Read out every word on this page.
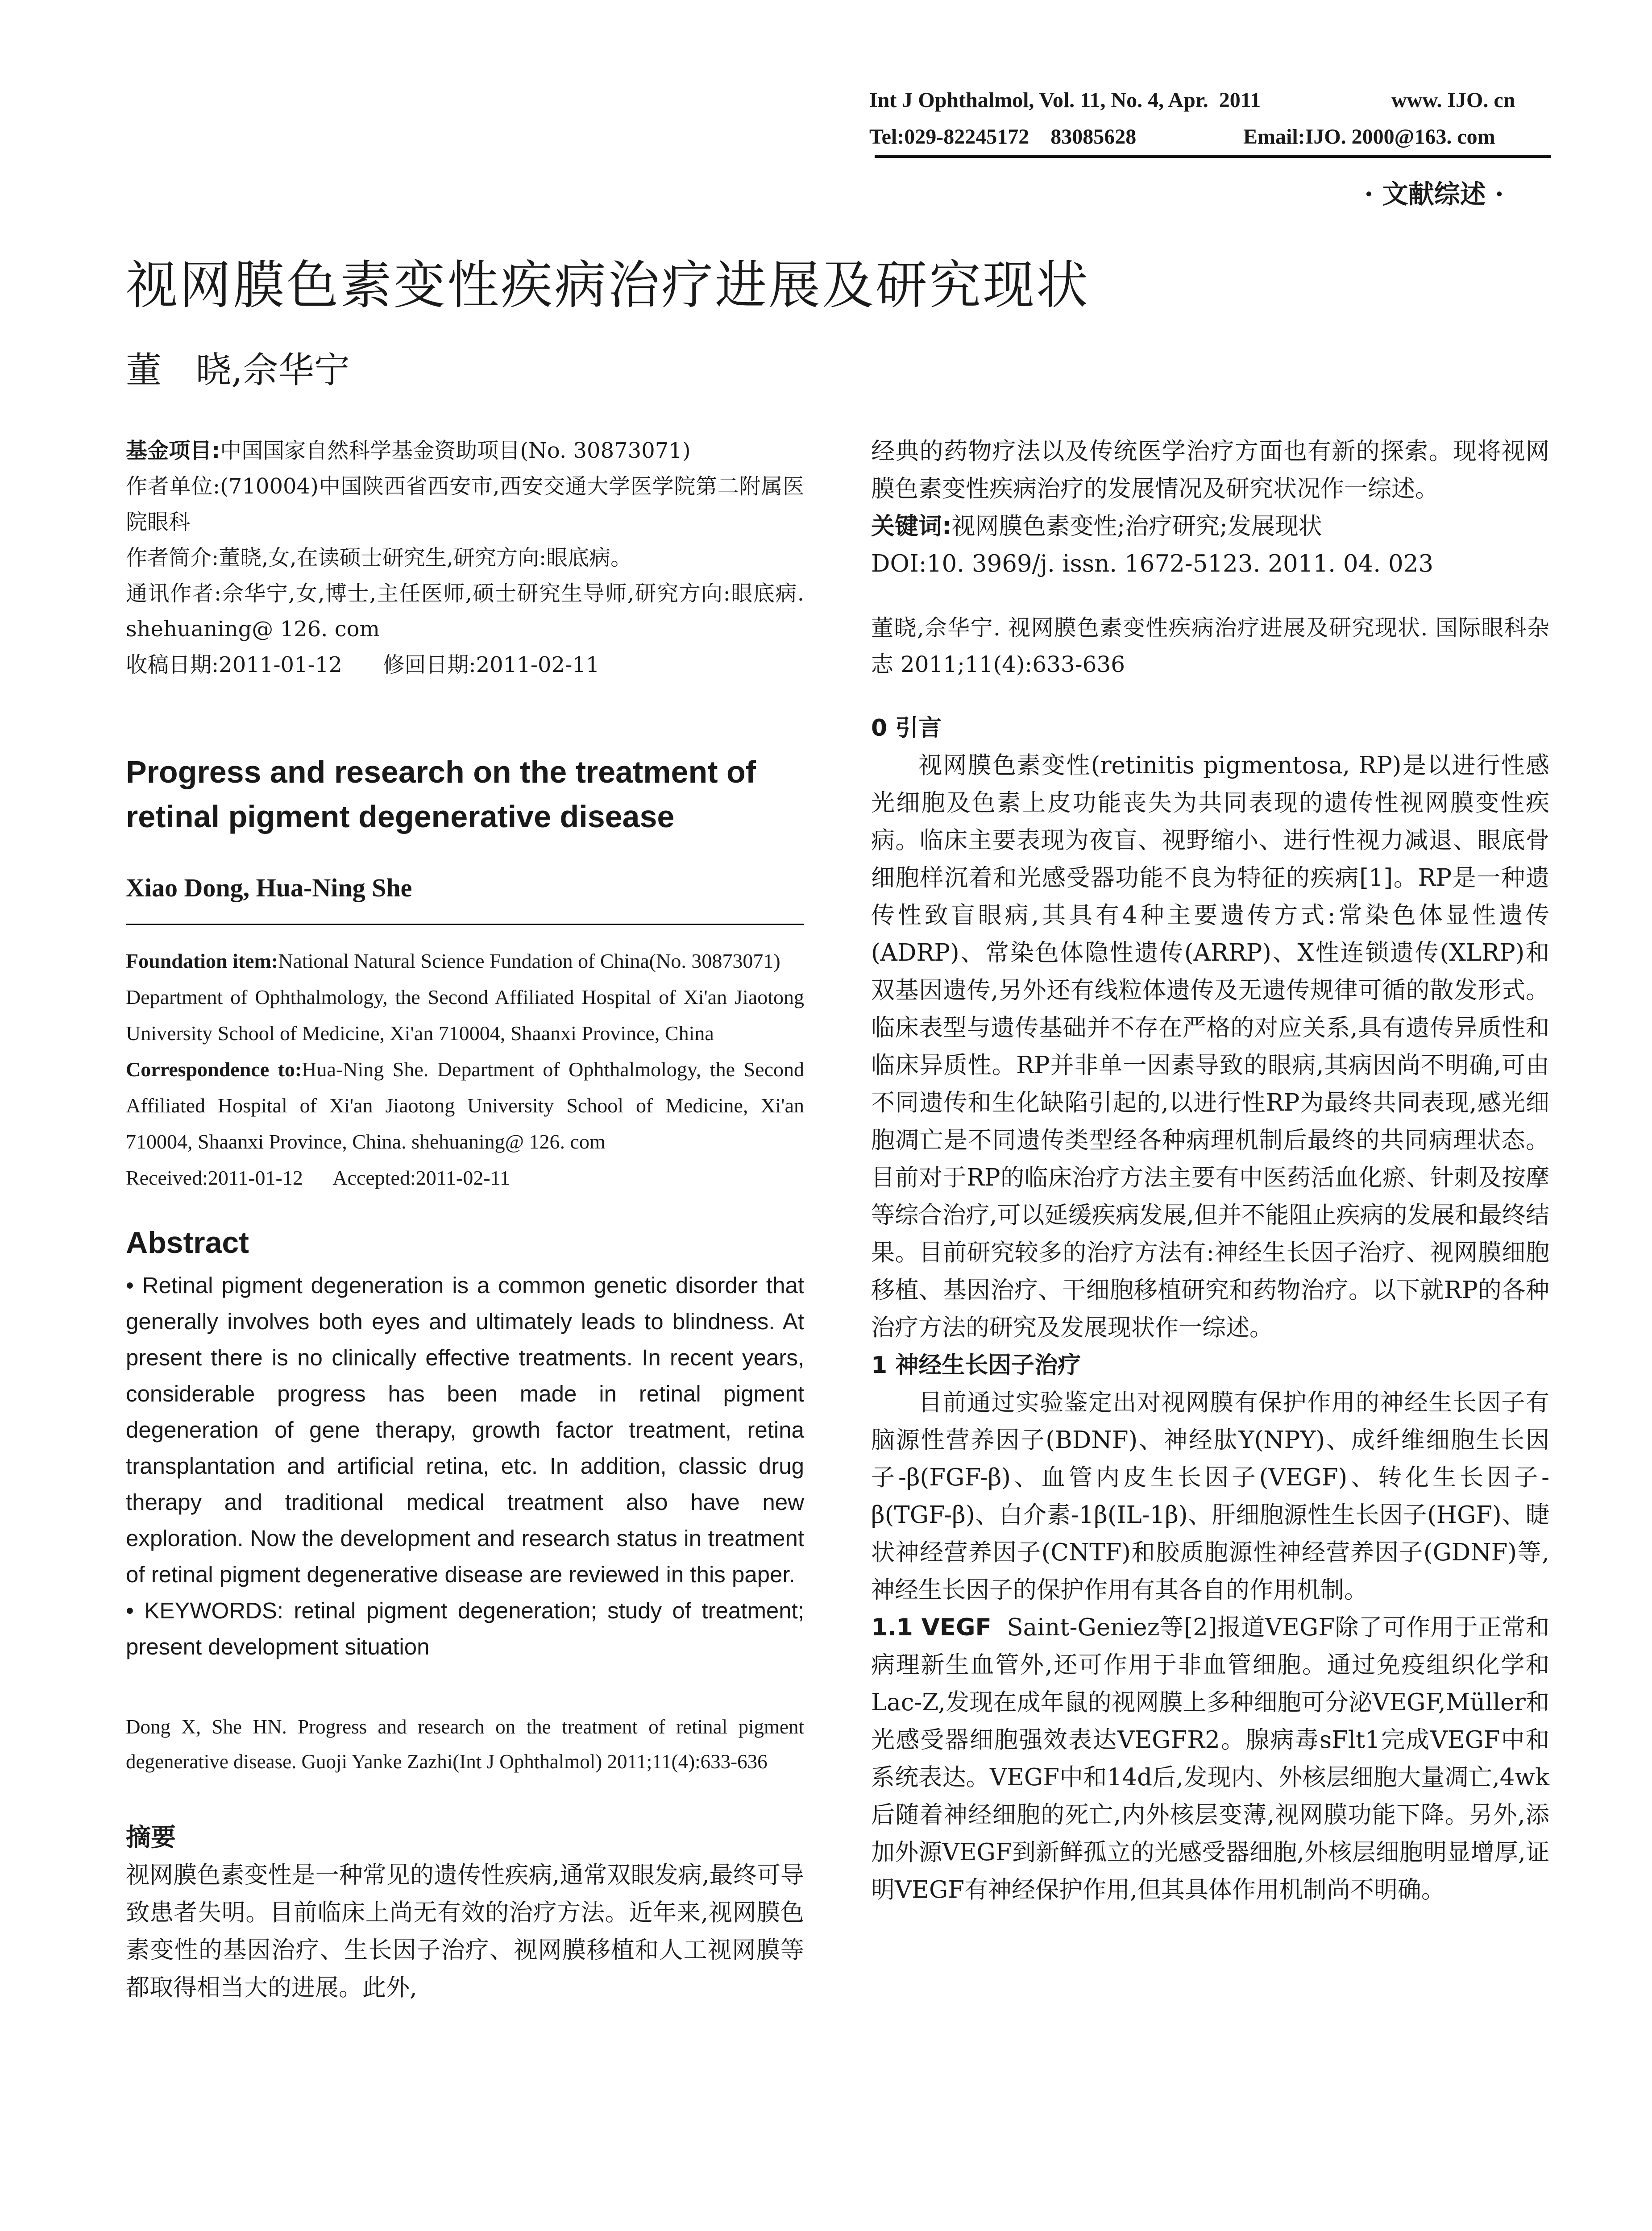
Int J Ophthalmol, Vol. 11, No. 4, Apr.  2011	www. IJO. cn
Tel:029-82245172    83085628	Email:IJO. 2000@163. com
· 文献综述 ·
视网膜色素变性疾病治疗进展及研究现状
董   晓,佘华宁

基金项目:中国国家自然科学基金资助项目(No. 30873071)

作者单位:(710004)中国陕西省西安市,西安交通大学医学院第二附属医院眼科

作者简介:董晓,女,在读硕士研究生,研究方向:眼底病。

通讯作者:佘华宁,女,博士,主任医师,硕士研究生导师,研究方向:眼底病. shehuaning@ 126. com

收稿日期:2011-01-12      修回日期:2011-02-11

Progress and research on the treatment of retinal pigment degenerative disease

Xiao Dong, Hua-Ning She

Foundation item:National Natural Science Fundation of China(No. 30873071)

Department of Ophthalmology, the Second Affiliated Hospital of Xi'an Jiaotong University School of Medicine, Xi'an 710004, Shaanxi Province, China

Correspondence to:Hua-Ning She. Department of Ophthalmology, the Second Affiliated Hospital of Xi'an Jiaotong University School of Medicine, Xi'an 710004, Shaanxi Province, China. shehuaning@ 126. com

Received:2011-01-12      Accepted:2011-02-11

Abstract

• Retinal pigment degeneration is a common genetic disorder that generally involves both eyes and ultimately leads to blindness. At present there is no clinically effective treatments. In recent years, considerable progress has been made in retinal pigment degeneration of gene therapy, growth factor treatment, retina transplantation and artificial retina, etc. In addition, classic drug therapy and traditional medical treatment also have new exploration. Now the development and research status in treatment of retinal pigment degenerative disease are reviewed in this paper.

• KEYWORDS: retinal pigment degeneration; study of treatment; present development situation

Dong X, She HN. Progress and research on the treatment of retinal pigment degenerative disease. Guoji Yanke Zazhi(Int J Ophthalmol) 2011;11(4):633-636

摘要

视网膜色素变性是一种常见的遗传性疾病,通常双眼发病,最终可导致患者失明。目前临床上尚无有效的治疗方法。近年来,视网膜色素变性的基因治疗、生长因子治疗、视网膜移植和人工视网膜等都取得相当大的进展。此外,

经典的药物疗法以及传统医学治疗方面也有新的探索。现将视网膜色素变性疾病治疗的发展情况及研究状况作一综述。

关键词:视网膜色素变性;治疗研究;发展现状

DOI:10. 3969/j. issn. 1672-5123. 2011. 04. 023

董晓,佘华宁. 视网膜色素变性疾病治疗进展及研究现状. 国际眼科杂志 2011;11(4):633-636

0 引言

视网膜色素变性(retinitis pigmentosa, RP)是以进行性感光细胞及色素上皮功能丧失为共同表现的遗传性视网膜变性疾病。临床主要表现为夜盲、视野缩小、进行性视力减退、眼底骨细胞样沉着和光感受器功能不良为特征的疾病[1]。RP是一种遗传性致盲眼病,其具有4种主要遗传方式:常染色体显性遗传(ADRP)、常染色体隐性遗传(ARRP)、X性连锁遗传(XLRP)和双基因遗传,另外还有线粒体遗传及无遗传规律可循的散发形式。临床表型与遗传基础并不存在严格的对应关系,具有遗传异质性和临床异质性。RP并非单一因素导致的眼病,其病因尚不明确,可由不同遗传和生化缺陷引起的,以进行性RP为最终共同表现,感光细胞凋亡是不同遗传类型经各种病理机制后最终的共同病理状态。目前对于RP的临床治疗方法主要有中医药活血化瘀、针刺及按摩等综合治疗,可以延缓疾病发展,但并不能阻止疾病的发展和最终结果。目前研究较多的治疗方法有:神经生长因子治疗、视网膜细胞移植、基因治疗、干细胞移植研究和药物治疗。以下就RP的各种治疗方法的研究及发展现状作一综述。

1 神经生长因子治疗

目前通过实验鉴定出对视网膜有保护作用的神经生长因子有脑源性营养因子(BDNF)、神经肽Y(NPY)、成纤维细胞生长因子-β(FGF-β)、血管内皮生长因子(VEGF)、转化生长因子-β(TGF-β)、白介素-1β(IL-1β)、肝细胞源性生长因子(HGF)、睫状神经营养因子(CNTF)和胶质胞源性神经营养因子(GDNF)等,神经生长因子的保护作用有其各自的作用机制。

1.1 VEGF Saint-Geniez等[2]报道VEGF除了可作用于正常和病理新生血管外,还可作用于非血管细胞。通过免疫组织化学和Lac-Z,发现在成年鼠的视网膜上多种细胞可分泌VEGF,Müller和光感受器细胞强效表达VEGFR2。腺病毒sFlt1完成VEGF中和系统表达。VEGF中和14d后,发现内、外核层细胞大量凋亡,4wk后随着神经细胞的死亡,内外核层变薄,视网膜功能下降。另外,添加外源VEGF到新鲜孤立的光感受器细胞,外核层细胞明显增厚,证明VEGF有神经保护作用,但其具体作用机制尚不明确。
